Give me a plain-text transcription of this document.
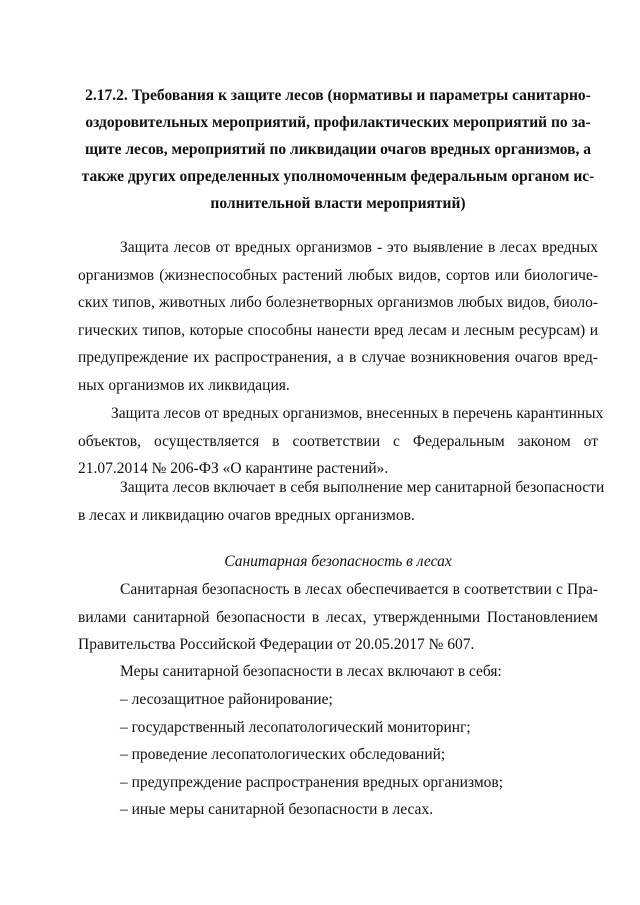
2.17.2. Требования к защите лесов (нормативы и параметры санитарно-
оздоровительных мероприятий, профилактических мероприятий по за-
щите лесов, мероприятий по ликвидации очагов вредных организмов, а
также других определенных уполномоченным федеральным органом ис-
полнительной власти мероприятий)

Защита лесов от вредных организмов - это выявление в лесах вредных
организмов (жизнеспособных растений любых видов, сортов или биологиче-
ских типов, животных либо болезнетворных организмов любых видов, биоло-
гических типов, которые способны нанести вред лесам и лесным ресурсам) и
предупреждение их распространения, а в случае возникновения очагов вред-
ных организмов их ликвидация.

Защита лесов от вредных организмов, внесенных в перечень карантинных
объектов, осуществляется в соответствии с Федеральным законом от
21.07.2014 № 206-ФЗ «О карантине растений».

Защита лесов включает в себя выполнение мер санитарной безопасности
в лесах и ликвидацию очагов вредных организмов.

Санитарная безопасность в лесах

Санитарная безопасность в лесах обеспечивается в соответствии с Пра-
вилами санитарной безопасности в лесах, утвержденными Постановлением
Правительства Российской Федерации от 20.05.2017 № 607.

Меры санитарной безопасности в лесах включают в себя:

– лесозащитное районирование;
– государственный лесопатологический мониторинг;
– проведение лесопатологических обследований;
– предупреждение распространения вредных организмов;
– иные меры санитарной безопасности в лесах.
